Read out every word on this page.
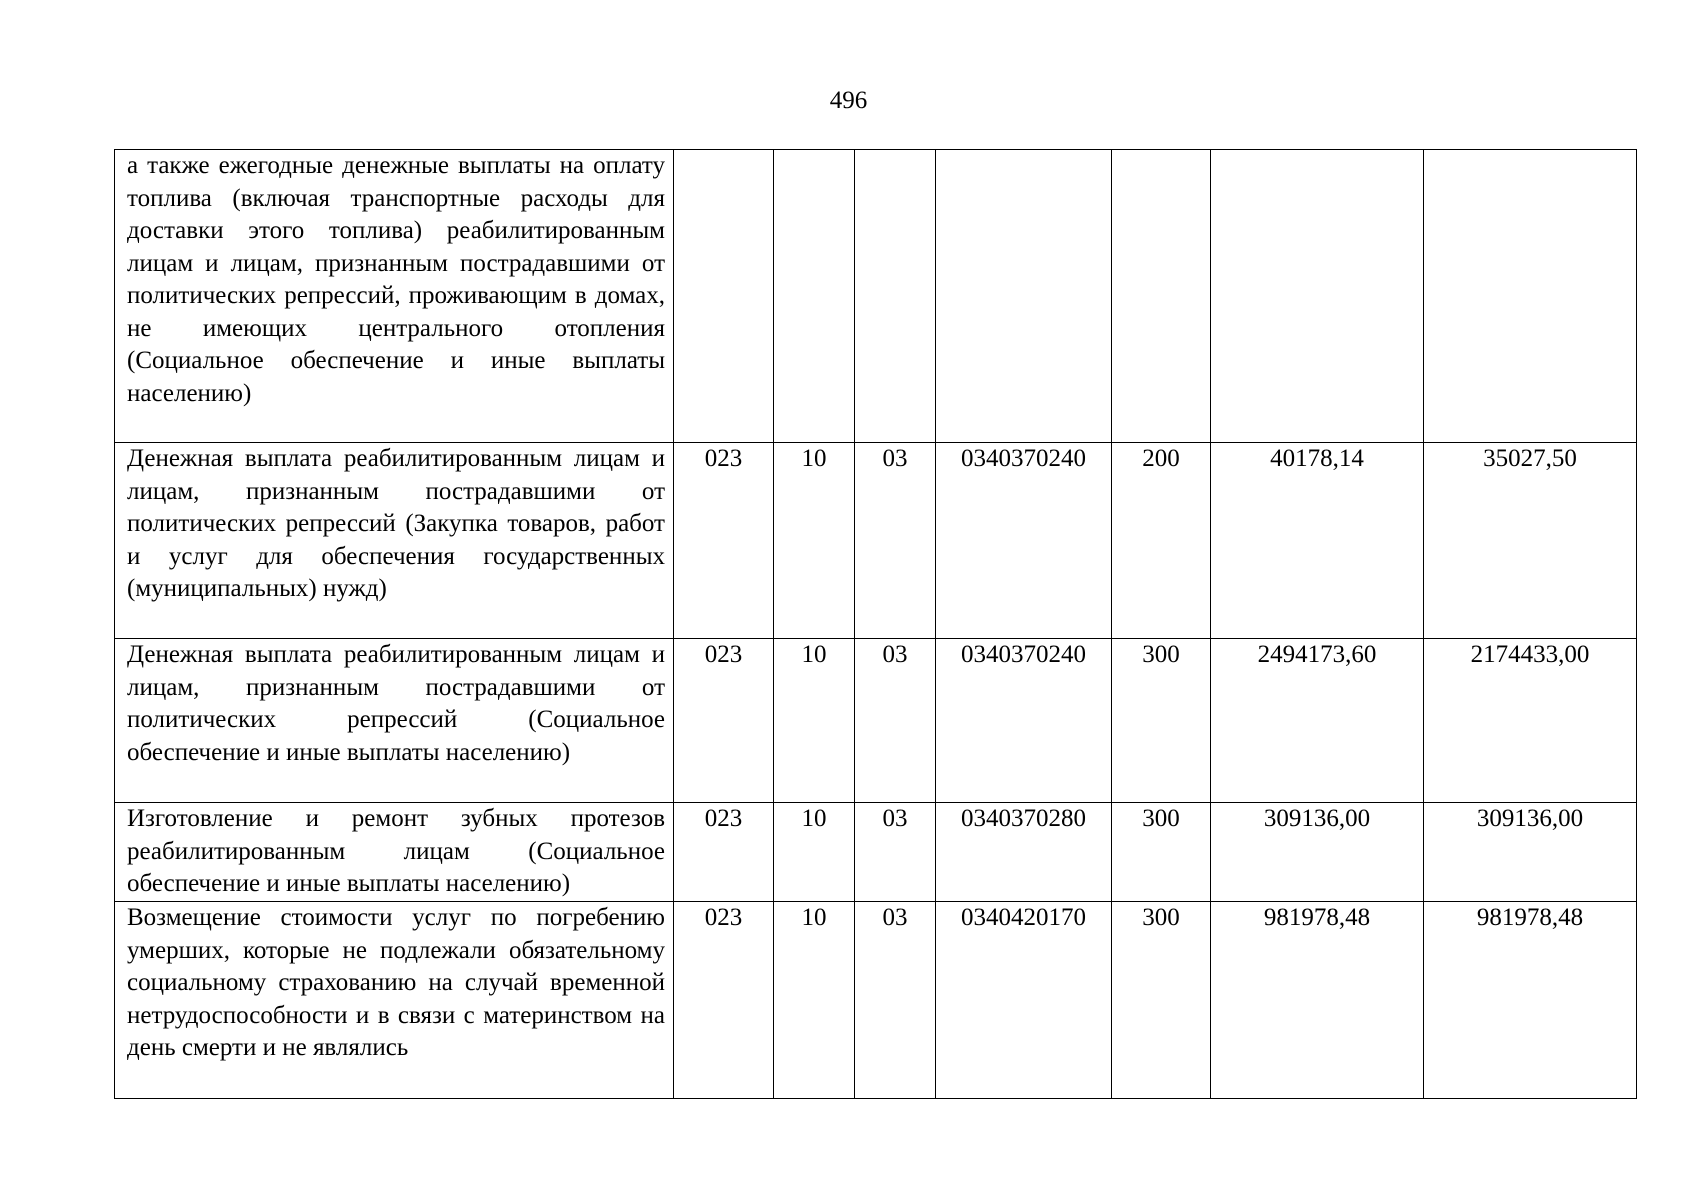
496
а также ежегодные денежные выплаты на оплату топлива (включая транспортные расходы для доставки этого топлива) реабилитированным лицам и лицам, признанным пострадавшими от политических репрессий, проживающим в домах, не имеющих центрального отопления (Социальное обеспечение и иные выплаты населению)							
Денежная выплата реабилитированным лицам и лицам, признанным пострадавшими от политических репрессий (Закупка товаров, работ и услуг для обеспечения государственных (муниципальных) нужд)	023	10	03	0340370240	200	40178,14	35027,50
Денежная выплата реабилитированным лицам и лицам, признанным пострадавшими от политических репрессий (Социальное обеспечение и иные выплаты населению)	023	10	03	0340370240	300	2494173,60	2174433,00
Изготовление и ремонт зубных протезов реабилитированным лицам (Социальное обеспечение и иные выплаты населению)	023	10	03	0340370280	300	309136,00	309136,00
Возмещение стоимости услуг по погребению умерших, которые не подлежали обязательному социальному страхованию на случай временной нетрудоспособности и в связи с материнством на день смерти и не являлись	023	10	03	0340420170	300	981978,48	981978,48
